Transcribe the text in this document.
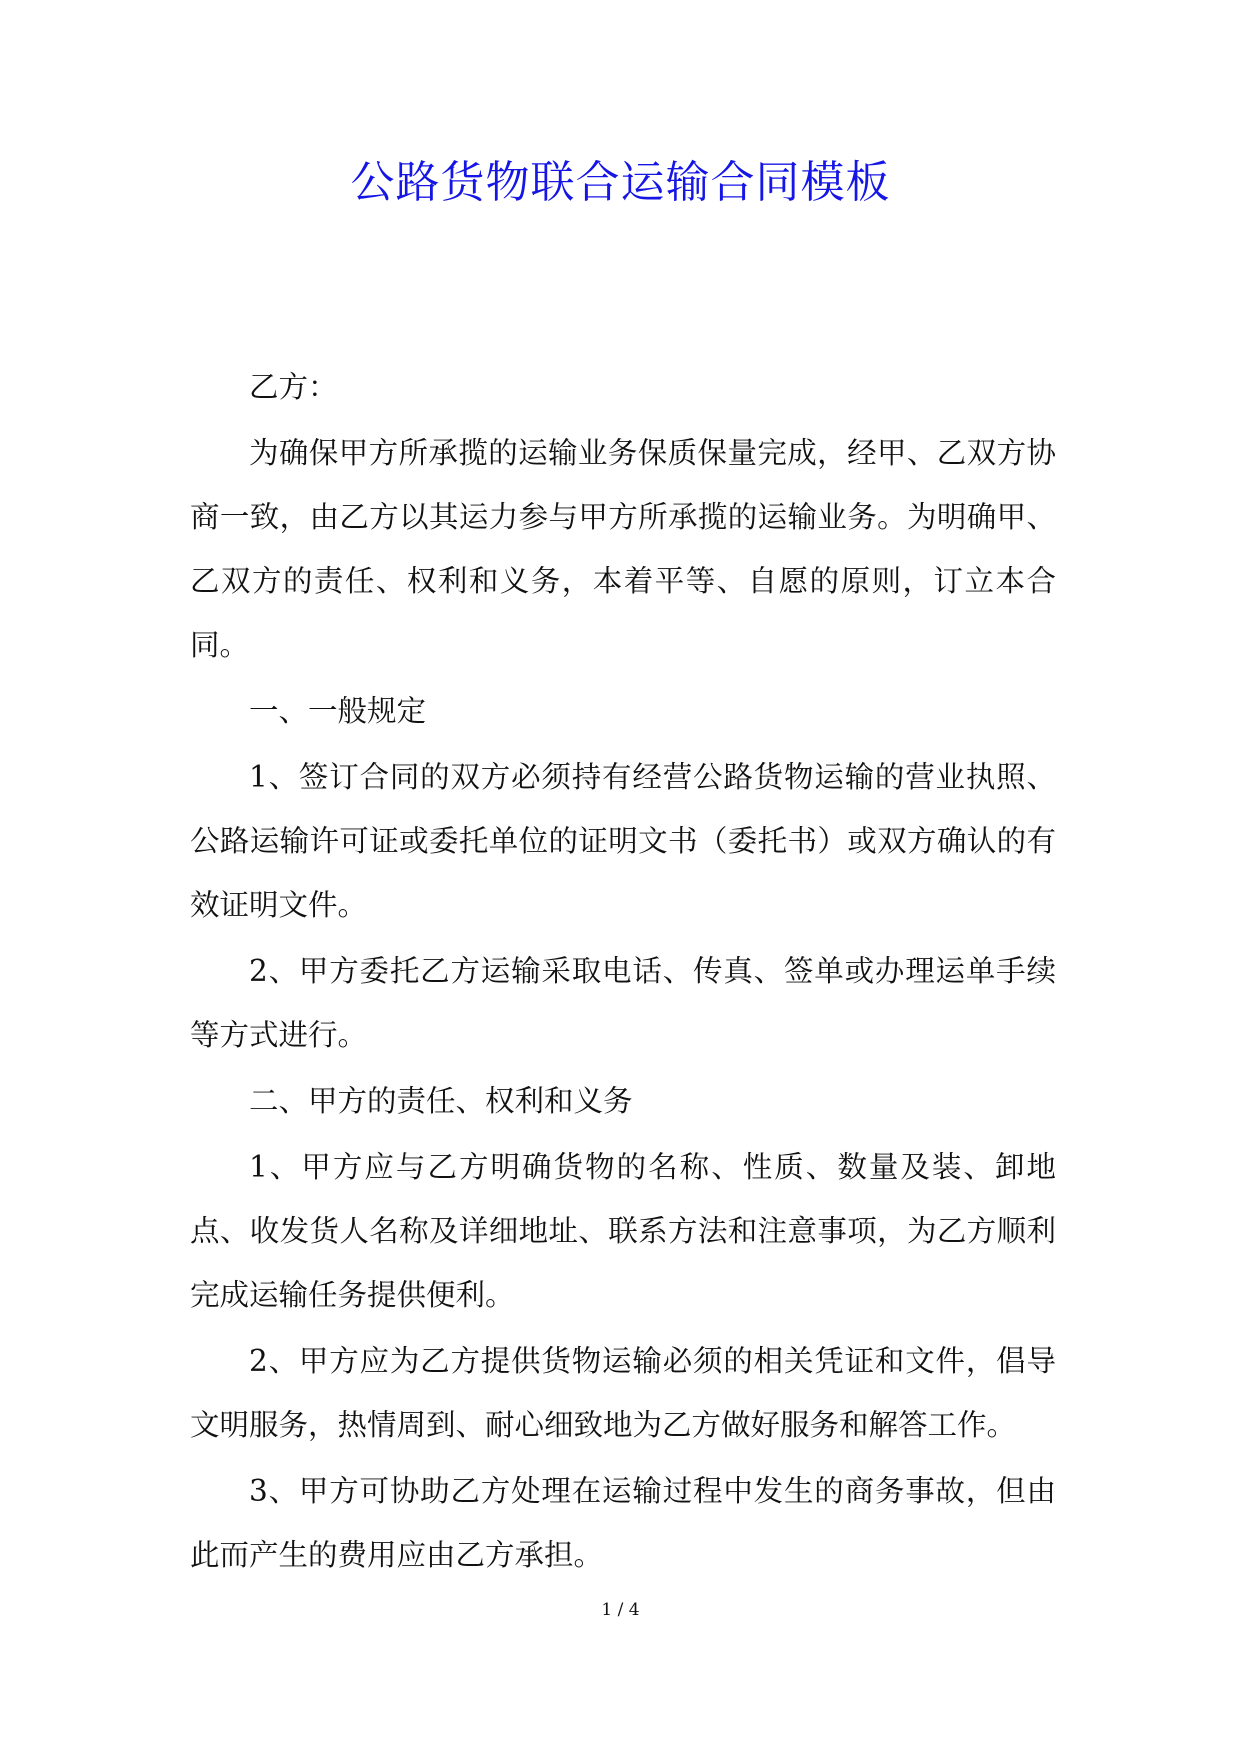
公路货物联合运输合同模板

乙方：

为确保甲方所承揽的运输业务保质保量完成，经甲、乙双方协商一致，由乙方以其运力参与甲方所承揽的运输业务。为明确甲、乙双方的责任、权利和义务，本着平等、自愿的原则，订立本合同。

一、一般规定

1、签订合同的双方必须持有经营公路货物运输的营业执照、公路运输许可证或委托单位的证明文书（委托书）或双方确认的有效证明文件。

2、甲方委托乙方运输采取电话、传真、签单或办理运单手续等方式进行。

二、甲方的责任、权利和义务

1、甲方应与乙方明确货物的名称、性质、数量及装、卸地点、收发货人名称及详细地址、联系方法和注意事项，为乙方顺利完成运输任务提供便利。

2、甲方应为乙方提供货物运输必须的相关凭证和文件，倡导文明服务，热情周到、耐心细致地为乙方做好服务和解答工作。

3、甲方可协助乙方处理在运输过程中发生的商务事故，但由此而产生的费用应由乙方承担。

1 / 4
